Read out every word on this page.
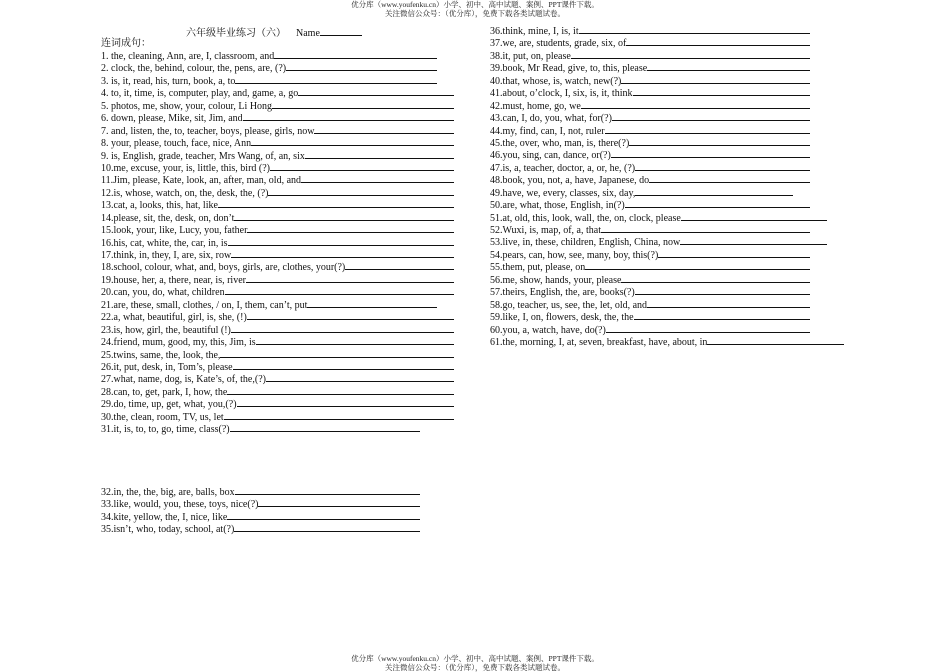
优分库（www.youfenku.cn）小学、初中、高中试题、案例、PPT课件下载。
关注微信公众号：（优分库），免费下载各类试题试卷。
六年级毕业练习（六） Name
连词成句：
1. the, cleaning, Ann, are, I, classroom, and
2. clock, the, behind, colour, the, pens, are, (?)
3. is, it, read, his, turn, book, a, to
4. to, it, time, is, computer, play, and, game, a, go
5. photos, me, show, your, colour, Li Hong
6. down, please, Mike, sit, Jim, and
7. and, listen, the, to, teacher, boys, please, girls, now
8. your, please, touch, face, nice, Ann
9. is, English, grade, teacher, Mrs Wang, of, an, six
10.me, excuse, your, is, little, this, bird (?)
11.Jim, please, Kate, look, an, after, man, old, and
12.is, whose, watch, on, the, desk, the, (?)
13.cat, a, looks, this, hat, like
14.please, sit, the, desk, on, don’t
15.look, your, like, Lucy, you, father
16.his, cat, white, the, car, in, is
17.think, in, they, I, are, six, row
18.school, colour, what, and, boys, girls, are, clothes, your(?)
19.house, her, a, there, near, is, river
20.can, you, do, what, children
21.are, these, small, clothes, / on, I, them, can’t, put
22.a, what, beautiful, girl, is, she, (!)
23.is, how, girl, the, beautiful (!)
24.friend, mum, good, my, this, Jim, is
25.twins, same, the, look, the,
26.it, put, desk, in, Tom’s, please
27.what, name, dog, is, Kate’s, of, the,(?)
28.can, to, get, park, I, how, the
29.do, time, up, get, what, you,(?)
30.the, clean, room, TV, us, let
31.it, is, to, to, go, time, class(?)
32.in, the, the, big, are, balls, box
33.like, would, you, these, toys, nice(?)
34.kite, yellow, the, I, nice, like
35.isn’t, who, today, school, at(?)
36.think, mine, I, is, it
37.we, are, students, grade, six, of
38.it, put, on, please
39.book, Mr Read, give, to, this, please
40.that, whose, is, watch, new(?)
41.about, o’clock, I, six, is, it, think
42.must, home, go, we
43.can, I, do, you, what, for(?)
44.my, find, can, I, not, ruler
45.the, over, who, man, is, there(?)
46.you, sing, can, dance, or(?)
47.is, a, teacher, doctor, a, or, he, (?)
48.book, you, not, a, have, Japanese, do
49.have, we, every, classes, six, day,
50.are, what, those, English, in(?)
51.at, old, this, look, wall, the, on, clock, please
52.Wuxi, is, map, of, a, that
53.live, in, these, children, English, China, now
54.pears, can, how, see, many, boy, this(?)
55.them, put, please, on
56.me, show, hands, your, please
57.theirs, English, the, are, books(?)
58.go, teacher, us, see, the, let, old, and
59.like, I, on, flowers, desk, the, the
60.you, a, watch, have, do(?)
61.the, morning, I, at, seven, breakfast, have, about, in
优分库（www.youfenku.cn）小学、初中、高中试题、案例、PPT课件下载。
关注微信公众号：（优分库），免费下载各类试题试卷。
